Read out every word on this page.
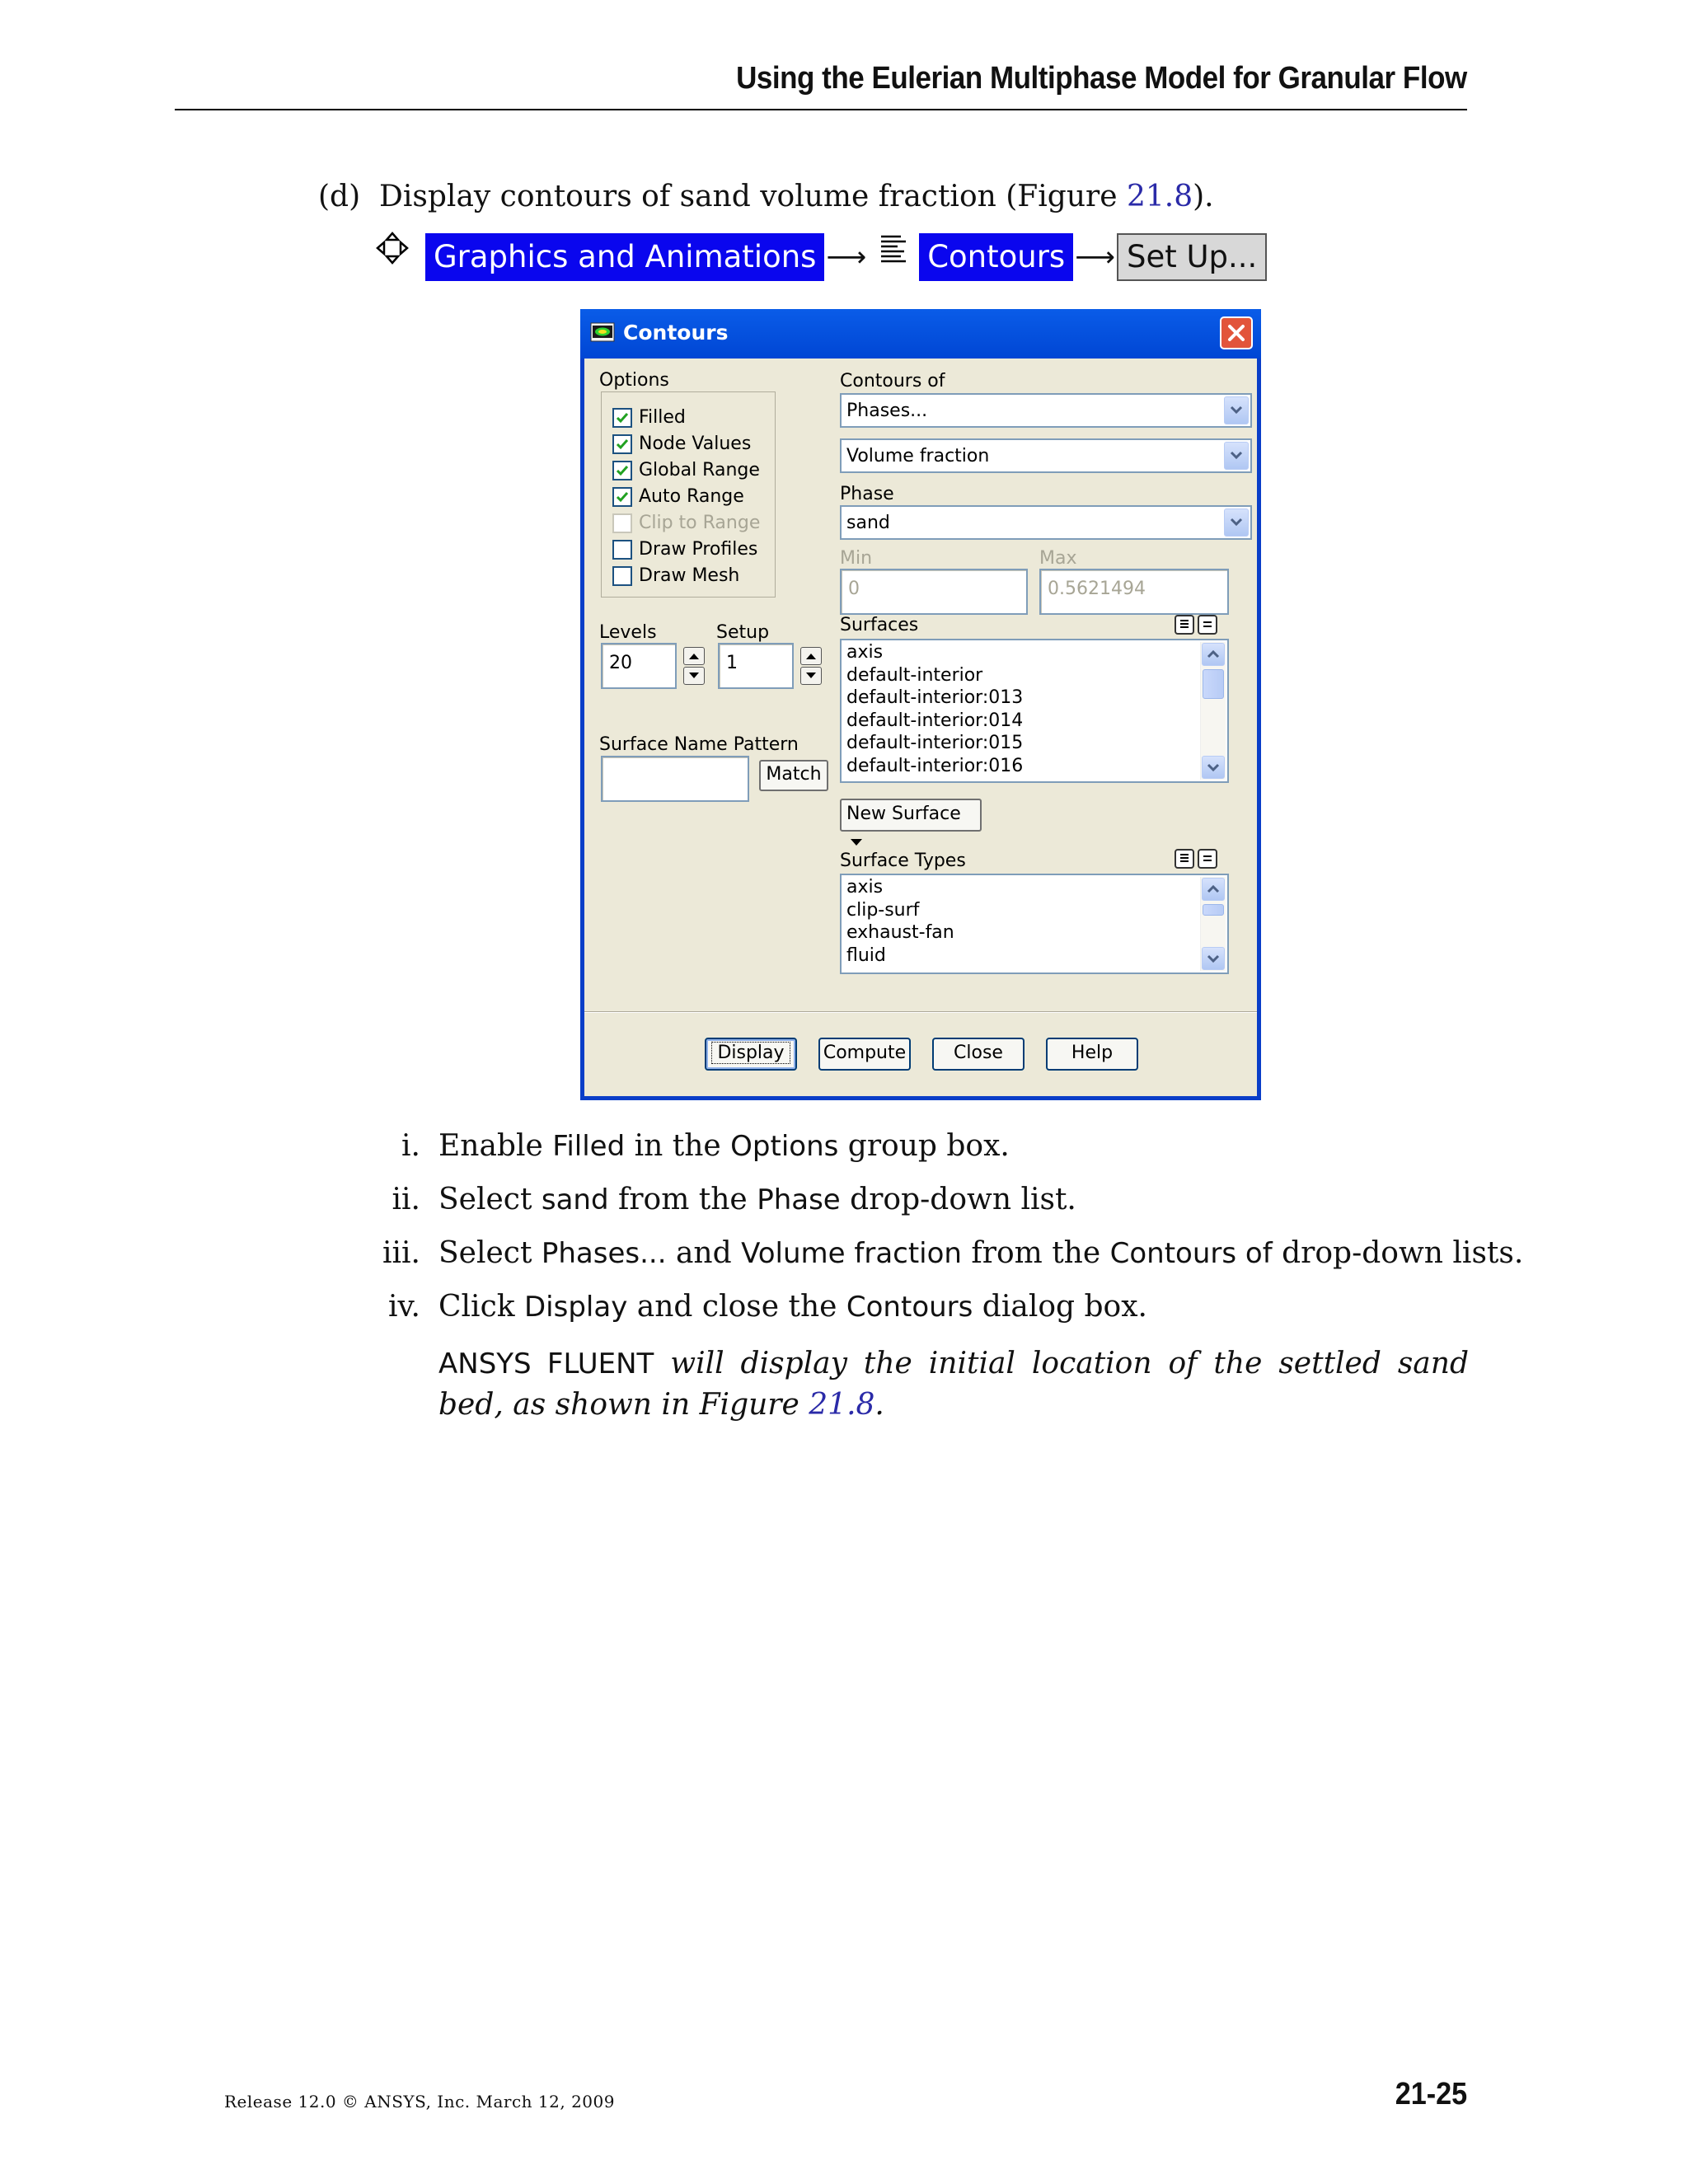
Using the Eulerian Multiphase Model for Granular Flow
(d) Display contours of sand volume fraction (Figure 21.8).
Graphics and Animations ⟶ Contours ⟶ Set Up...
Contours
Options	Contours of
Phases...
Volume fraction
Phase
sand
Min
0
Max
0.5621494
Levels
20
Setup
1
Surfaces
axis
default-interior
default-interior:013
default-interior:014
default-interior:015
default-interior:016
Surface Name Pattern
Match
New Surface
Surface Types
axis
clip-surf
exhaust-fan
fluid
Display	Compute	Close	Help
Filled
Node Values
Global Range
Auto Range
Clip to Range
Draw Profiles
Draw Mesh
i. Enable Filled in the Options group box.
ii. Select sand from the Phase drop-down list.
iii. Select Phases... and Volume fraction from the Contours of drop-down lists.
iv. Click Display and close the Contours dialog box.
ANSYS FLUENT will display the initial location of the settled sand bed, as shown in Figure 21.8.
Release 12.0 © ANSYS, Inc. March 12, 2009	21-25
